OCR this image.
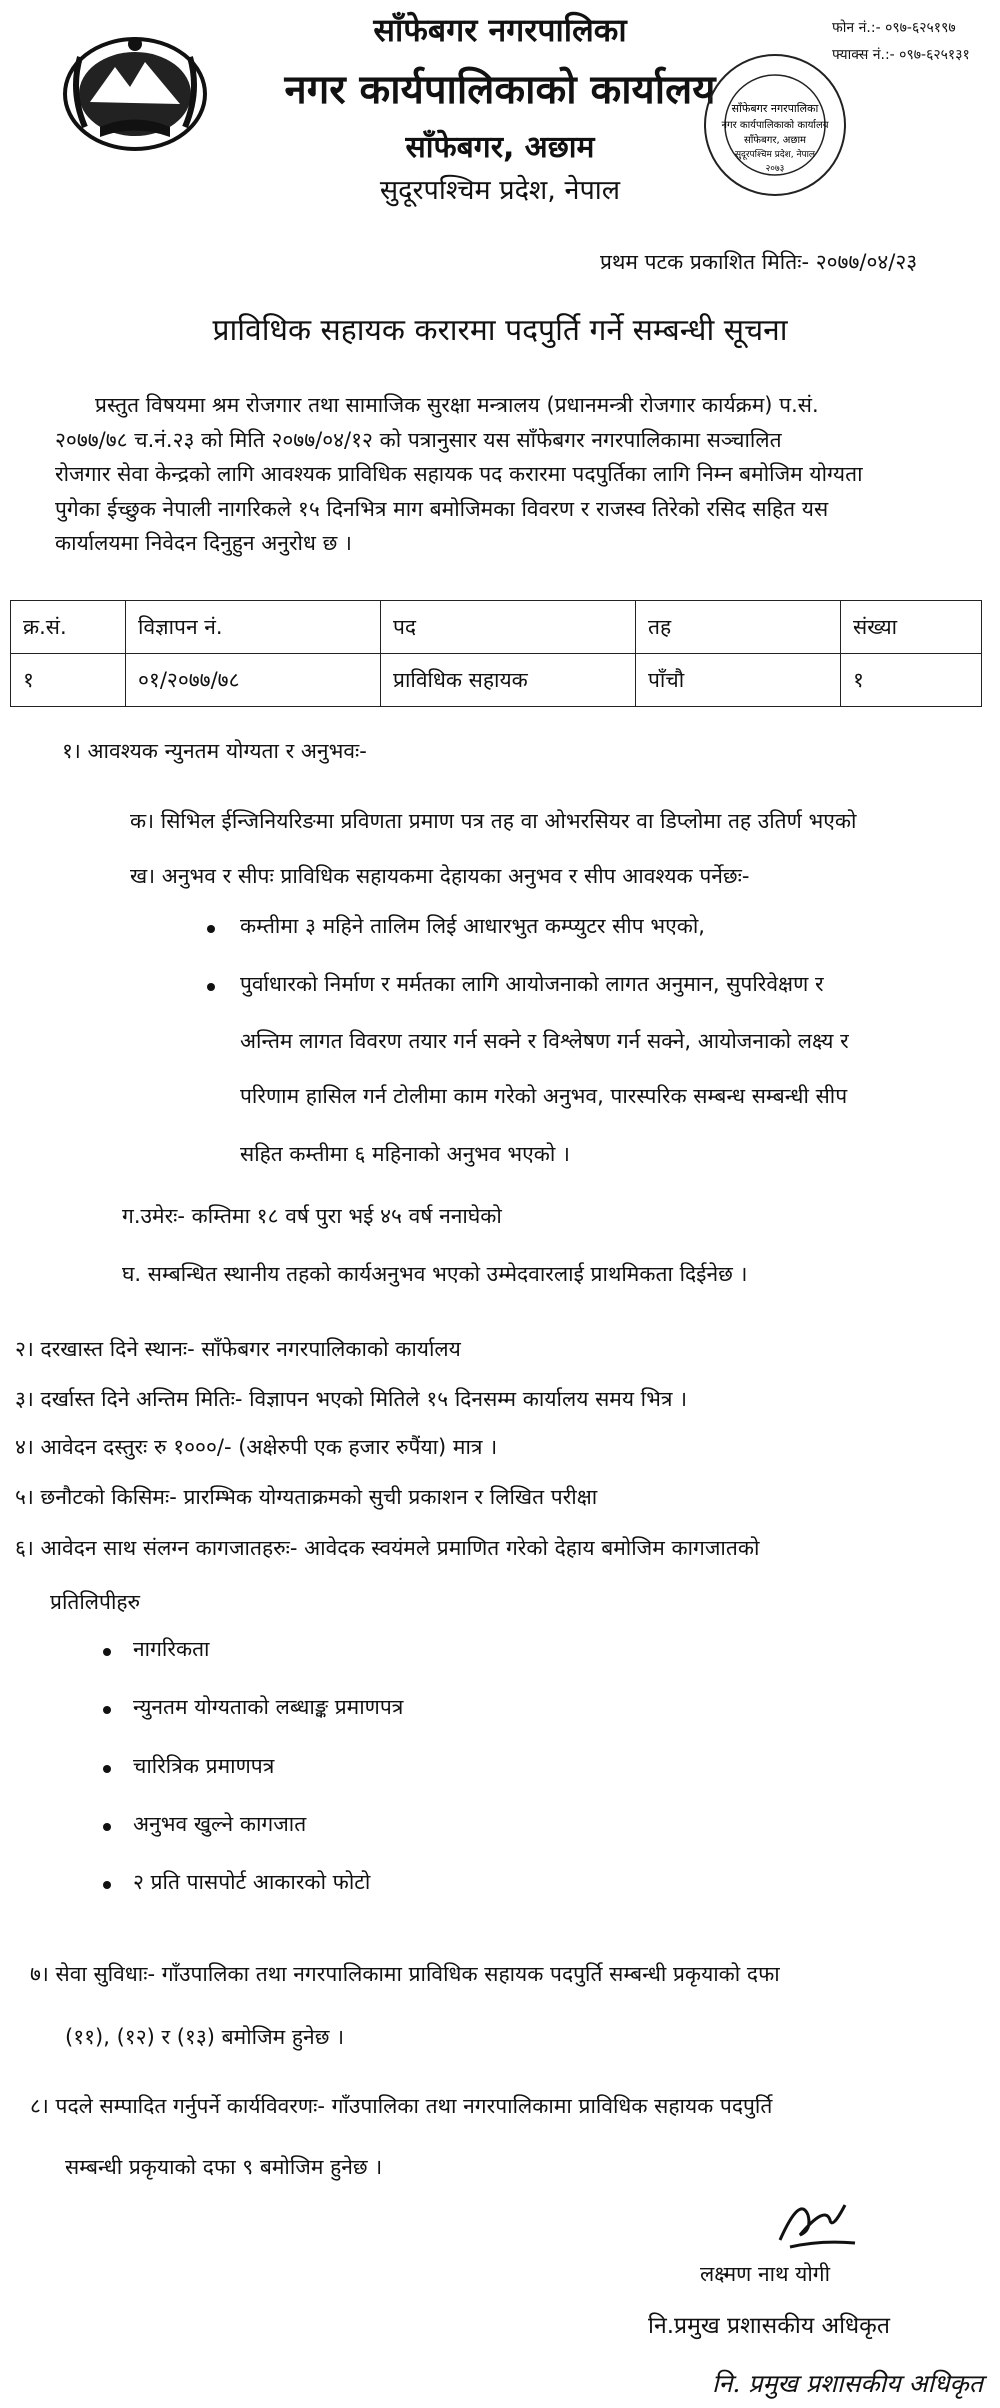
साँफेबगर नगरपालिका
नगर कार्यपालिकाको कार्यालय
साँफेबगर, अछाम
सुदूरपश्चिम प्रदेश, नेपाल
फोन नं.:- ०९७-६२५१९७
फ्याक्स नं.:- ०९७-६२५१३१
साँफेबगर नगरपालिका
नगर कार्यपालिकाको कार्यालय
साँफेबगर, अछाम
सुदूरपश्चिम प्रदेश, नेपाल
२०७३
प्रथम पटक प्रकाशित मितिः- २०७७/०४/२३
प्राविधिक सहायक करारमा पदपुर्ति गर्ने सम्बन्धी सूचना
प्रस्तुत विषयमा श्रम रोजगार तथा सामाजिक सुरक्षा मन्त्रालय (प्रधानमन्त्री रोजगार कार्यक्रम) प.सं.
२०७७/७८ च.नं.२३ को मिति २०७७/०४/१२ को पत्रानुसार यस साँफेबगर नगरपालिकामा सञ्चालित
रोजगार सेवा केन्द्रको लागि आवश्यक प्राविधिक सहायक पद करारमा पदपुर्तिका लागि निम्न बमोजिम योग्यता
पुगेका ईच्छुक नेपाली नागरिकले १५ दिनभित्र माग बमोजिमका विवरण र राजस्व तिरेको रसिद सहित यस
कार्यालयमा निवेदन दिनुहुन अनुरोध छ ।
क्र.सं.	विज्ञापन नं.	पद	तह	संख्या
१	०१/२०७७/७८	प्राविधिक सहायक	पाँचौ	१
१। आवश्यक न्युनतम योग्यता र अनुभवः-
क। सिभिल ईन्जिनियरिङमा प्रविणता प्रमाण पत्र तह वा ओभरसियर वा डिप्लोमा तह उतिर्ण भएको
ख। अनुभव र सीपः प्राविधिक सहायकमा देहायका अनुभव र सीप आवश्यक पर्नेछः-
कम्तीमा ३ महिने तालिम लिई आधारभुत कम्प्युटर सीप भएको,
पुर्वाधारको निर्माण र मर्मतका लागि आयोजनाको लागत अनुमान, सुपरिवेक्षण र
अन्तिम लागत विवरण तयार गर्न सक्ने र विश्लेषण गर्न सक्ने, आयोजनाको लक्ष्य र
परिणाम हासिल गर्न टोलीमा काम गरेको अनुभव, पारस्परिक सम्बन्ध सम्बन्धी सीप
सहित कम्तीमा ६ महिनाको अनुभव भएको ।
ग.उमेरः- कम्तिमा १८ वर्ष पुरा भई ४५ वर्ष ननाघेको
घ. सम्बन्धित स्थानीय तहको कार्यअनुभव भएको उम्मेदवारलाई प्राथमिकता दिईनेछ ।
२। दरखास्त दिने स्थानः- साँफेबगर नगरपालिकाको कार्यालय
३। दर्खास्त दिने अन्तिम मितिः- विज्ञापन भएको मितिले १५ दिनसम्म कार्यालय समय भित्र ।
४। आवेदन दस्तुरः रु १०००/- (अक्षेरुपी एक हजार रुपैंया) मात्र ।
५। छनौटको किसिमः- प्रारम्भिक योग्यताक्रमको सुची प्रकाशन र लिखित परीक्षा
६। आवेदन साथ संलग्न कागजातहरुः- आवेदक स्वयंमले प्रमाणित गरेको देहाय बमोजिम कागजातको
प्रतिलिपीहरु
नागरिकता
न्युनतम योग्यताको लब्धाङ्क प्रमाणपत्र
चारित्रिक प्रमाणपत्र
अनुभव खुल्ने कागजात
२ प्रति पासपोर्ट आकारको फोटो
७। सेवा सुविधाः- गाँउपालिका तथा नगरपालिकामा प्राविधिक सहायक पदपुर्ति सम्बन्धी प्रकृयाको दफा
(११), (१२) र (१३) बमोजिम हुनेछ ।
८। पदले सम्पादित गर्नुपर्ने कार्यविवरणः- गाँउपालिका तथा नगरपालिकामा प्राविधिक सहायक पदपुर्ति
सम्बन्धी प्रकृयाको दफा ९ बमोजिम हुनेछ ।
लक्ष्मण नाथ योगी
नि.प्रमुख प्रशासकीय अधिकृत
नि. प्रमुख प्रशासकीय अधिकृत
